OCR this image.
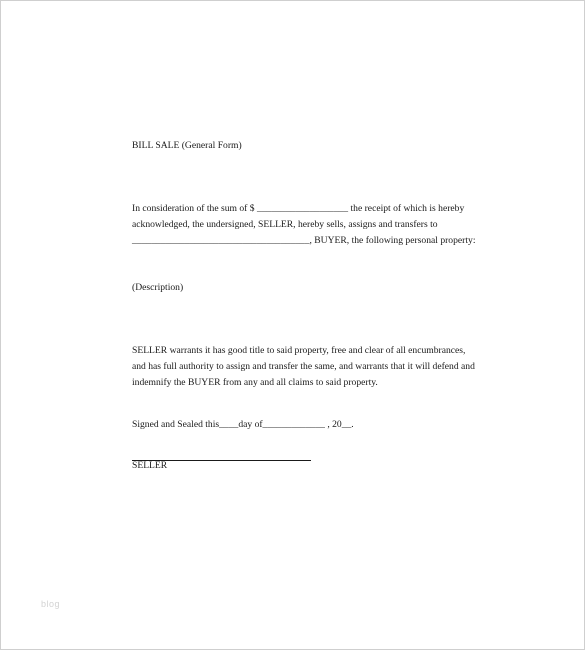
BILL SALE (General Form)
In consideration of the sum of $ ___________________ the receipt of which is hereby
acknowledged, the undersigned, SELLER, hereby sells, assigns and transfers to
_____________________________________, BUYER, the following personal property:
(Description)
SELLER warrants it has good title to said property, free and clear of all encumbrances,
and has full authority to assign and transfer the same, and warrants that it will defend and
indemnify the BUYER from any and all claims to said property.
Signed and Sealed this____day of_____________ , 20__.
SELLER
blog
